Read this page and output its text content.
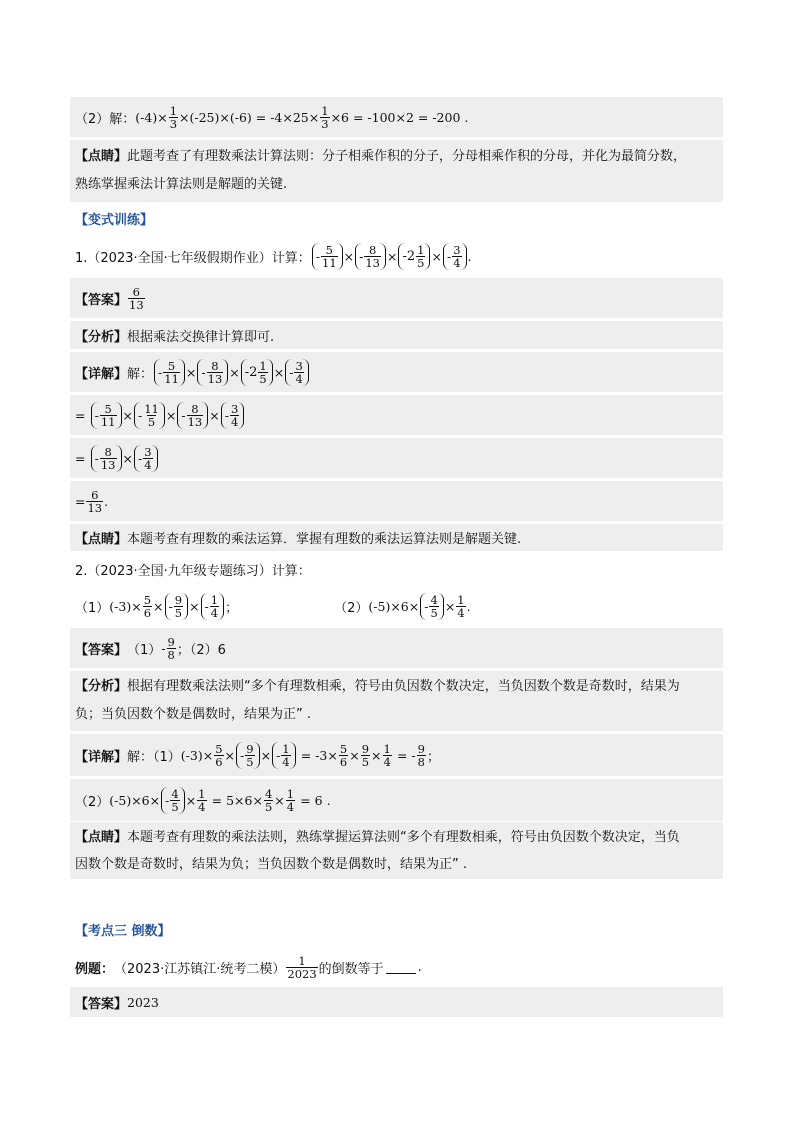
（2）解： $(-4)\times \frac{1}{3} \times(-25)\times(-6) = -4\times 25\times \frac{1}{3} \times 6 = -100\times 2 = -200$ .
【点睛】此题考查了有理数乘法计算法则：分子相乘作积的分子，分母相乘作积的分母，并化为最简分数，
熟练掌握乘法计算法则是解题的关键.
【变式训练】
1.（2023·全国·七年级假期作业）计算： - $\frac{5}{11}$ × - $\frac{8}{13} \times -2 \frac{1}{5}$ × - $\frac{3}{4}$ .
【答案】 $\frac{6}{13}$
【分析】 根据乘法交换律计算即可.
【详解】 解： - $\frac{5}{11}$ × - $\frac{8}{13} \times -2 \frac{1}{5}$ × - $\frac{3}{4}$
=
- $\frac{5}{11}$ × - $\frac{11}{5}$ × - $\frac{8}{13}$ × - $\frac{3}{4}$
=
- $\frac{8}{13}$ × - $\frac{3}{4}$
= $\frac{6}{13}$ .
【点睛】 本题考查有理数的乘法运算．掌握有理数的乘法运算法则是解题关键.
2.（2023·全国·九年级专题练习）计算：
（1） $(-3)\times \frac{5}{6}$ × - $\frac{9}{5}$ × - $\frac{1}{4}$ ；	（2） $(-5)\times 6\times - \frac{4}{5} \times \frac{1}{4}$ .
【答案】 $(1) - \frac{9}{8}$ ；（2）6
【分析】根据有理数乘法法则“多个有理数相乘，符号由负因数个数决定，当负因数个数是奇数时，结果为
负；当负因数个数是偶数时，结果为正” .
【详解】 解：（1） $(-3)\times \frac{5}{6}$ × - $\frac{9}{5}$ × - $\frac{1}{4}$
= $-3\times \frac{5}{6} \times \frac{9}{5} \times \frac{1}{4}$
= - $\frac{9}{8}$ ；
（2） $(-5)\times 6\times - \frac{4}{5} \times \frac{1}{4}$
= $5\times 6\times \frac{4}{5} \times \frac{1}{4}$
= 6 .
【点睛】本题考查有理数的乘法法则，熟练掌握运算法则“多个有理数相乘，符号由负因数个数决定，当负
因数个数是奇数时，结果为负；当负因数个数是偶数时，结果为正” .
【考点三 倒数】
例题： （2023·江苏镇江·统考二模） $\frac{1}{2023}$ 的倒数等于	.
【答案】 2023
